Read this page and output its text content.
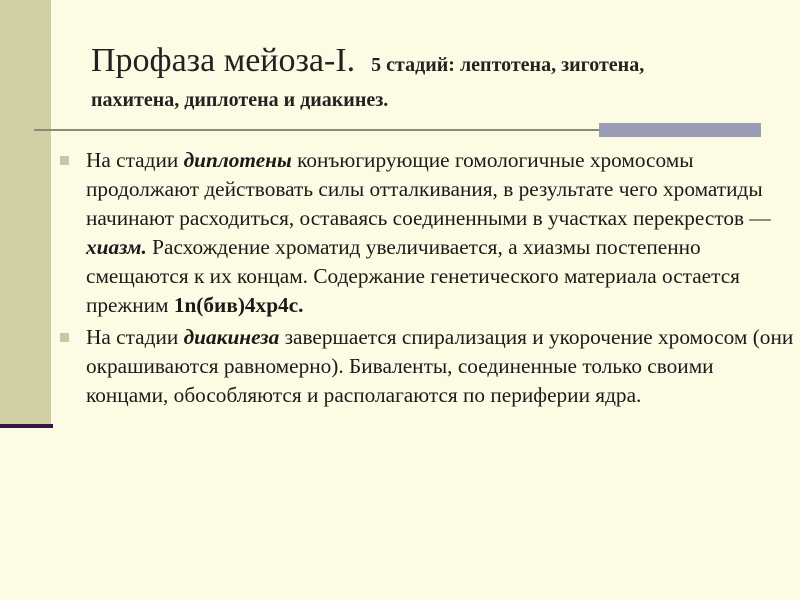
Профаза мейоза-I. 5 стадий: лептотена, зиготена,
пахитена, диплотена и диакинез.
На стадии диплотены конъюгирующие гомологичные хромосомы продолжают действовать силы отталкивания, в результате чего хроматиды начинают расходиться, оставаясь соединенными в участках перекрестов — хиазм. Расхождение хроматид увеличивается, а хиазмы постепенно смещаются к их концам. Содержание генетического материала остается прежним 1n(бив)4хр4с.
На стадии диакинеза завершается спирализация и укорочение хромосом (они окрашиваются равномерно). Биваленты, соединенные только своими концами, обособляются и располагаются по периферии ядра.
